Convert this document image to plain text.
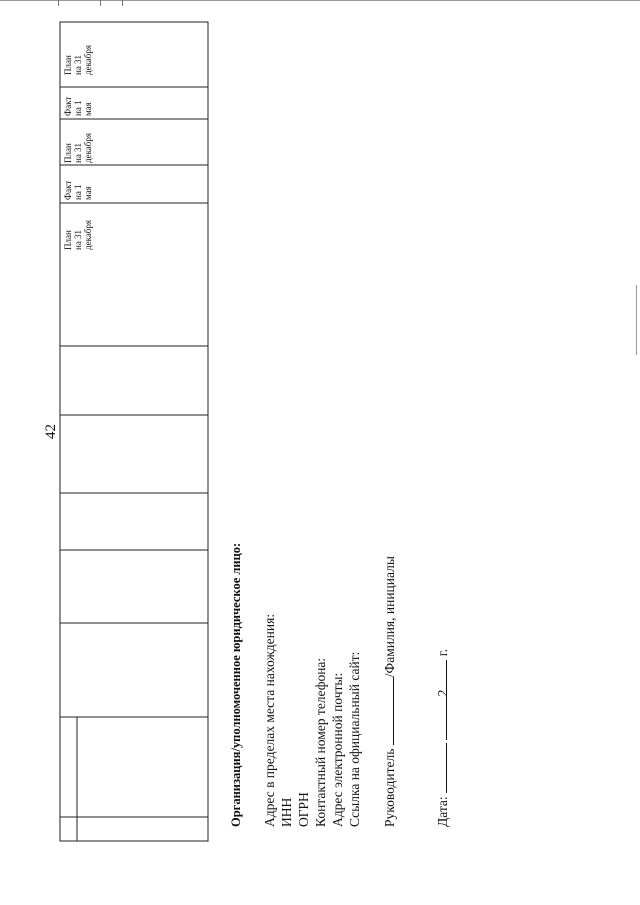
42

План на 31 декабря
Факт на 1 мая
План на 31 декабря
Факт на 1 мая
План на 31 декабря

Организация/уполномоченное юридическое лицо: Адрес в пределах места нахождения: ИНН ОГРН Контактный номер телефона: Адрес электронной почты: Ссылка на официальный сайт: Руководитель /Фамилия, инициалы

Дата:  2 г.
